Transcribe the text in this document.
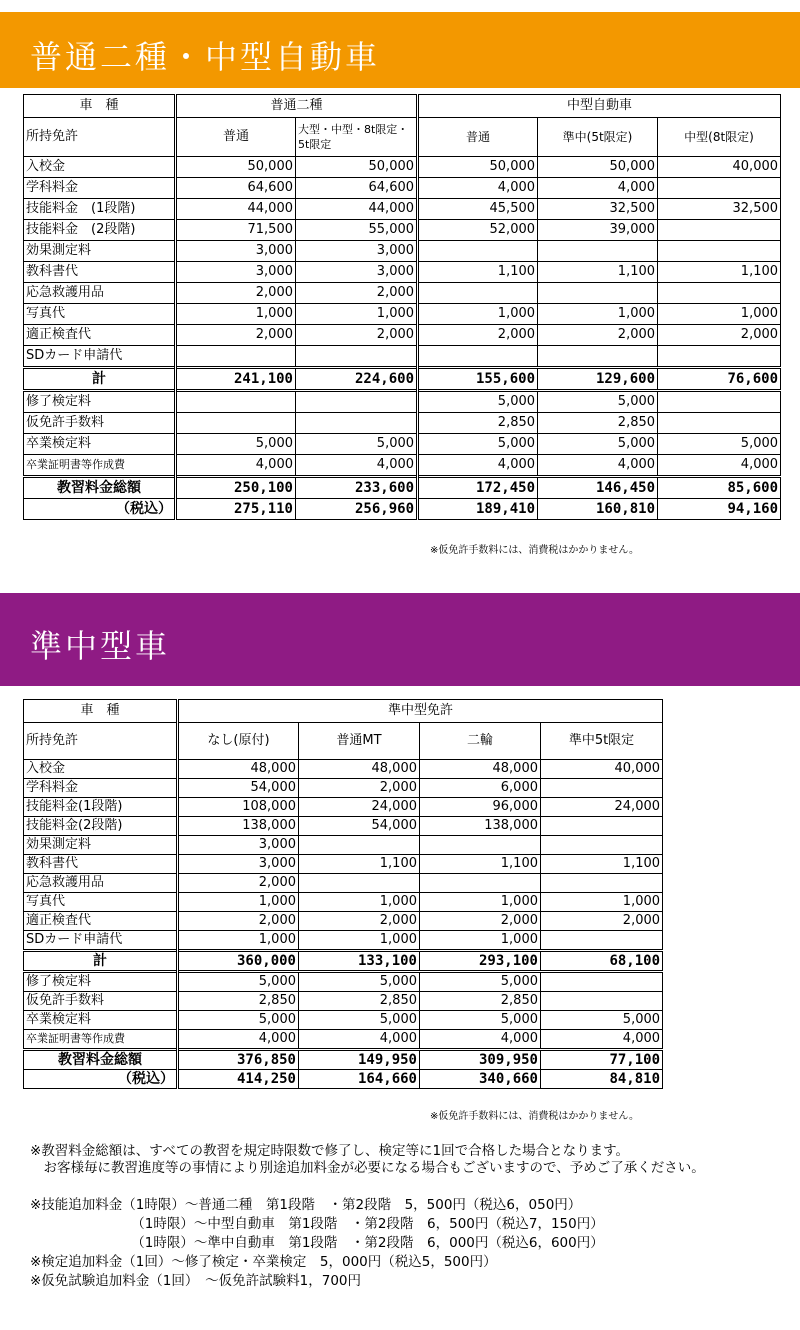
普通二種・中型自動車
車　種	普通二種		中型自動車		
所持免許	普通	大型・中型・8t限定・5t限定	普通	準中(5t限定)	中型(8t限定)
入校金	50,000	50,000	50,000	50,000	40,000
学科料金	64,600	64,600	4,000	4,000	
技能料金　(1段階)	44,000	44,000	45,500	32,500	32,500
技能料金　(2段階)	71,500	55,000	52,000	39,000	
効果測定料	3,000	3,000			
教科書代	3,000	3,000	1,100	1,100	1,100
応急救護用品	2,000	2,000			
写真代	1,000	1,000	1,000	1,000	1,000
適正検査代	2,000	2,000	2,000	2,000	2,000
SDカード申請代					
計	241,100	224,600	155,600	129,600	76,600
修了検定料			5,000	5,000	
仮免許手数料			2,850	2,850	
卒業検定料	5,000	5,000	5,000	5,000	5,000
卒業証明書等作成費	4,000	4,000	4,000	4,000	4,000
教習料金総額	250,100	233,600	172,450	146,450	85,600
（税込）	275,110	256,960	189,410	160,810	94,160
※仮免許手数料には、消費税はかかりません。
準中型車
車　種	準中型免許			
所持免許	なし(原付)	普通MT	二輪	準中5t限定
入校金	48,000	48,000	48,000	40,000
学科料金	54,000	2,000	6,000	
技能料金(1段階)	108,000	24,000	96,000	24,000
技能料金(2段階)	138,000	54,000	138,000	
効果測定料	3,000			
教科書代	3,000	1,100	1,100	1,100
応急救護用品	2,000			
写真代	1,000	1,000	1,000	1,000
適正検査代	2,000	2,000	2,000	2,000
SDカード申請代	1,000	1,000	1,000	
計	360,000	133,100	293,100	68,100
修了検定料	5,000	5,000	5,000	
仮免許手数料	2,850	2,850	2,850	
卒業検定料	5,000	5,000	5,000	5,000
卒業証明書等作成費	4,000	4,000	4,000	4,000
教習料金総額	376,850	149,950	309,950	77,100
（税込）	414,250	164,660	340,660	84,810
※仮免許手数料には、消費税はかかりません。
※教習料金総額は、すべての教習を規定時限数で修了し、検定等に1回で合格した場合となります。
　お客様毎に教習進度等の事情により別途追加料金が必要になる場合もございますので、予めご了承ください。

※技能追加料金（1時限）～普通二種　第1段階　・第2段階　5，500円（税込6，050円）
　　　　　　　　（1時限）～中型自動車　第1段階　・第2段階　6，500円（税込7，150円）
　　　　　　　　（1時限）～準中自動車　第1段階　・第2段階　6，000円（税込6，600円）
※検定追加料金（1回）～修了検定・卒業検定　5，000円（税込5，500円）
※仮免試験追加料金（1回）　～仮免許試験料1，700円
